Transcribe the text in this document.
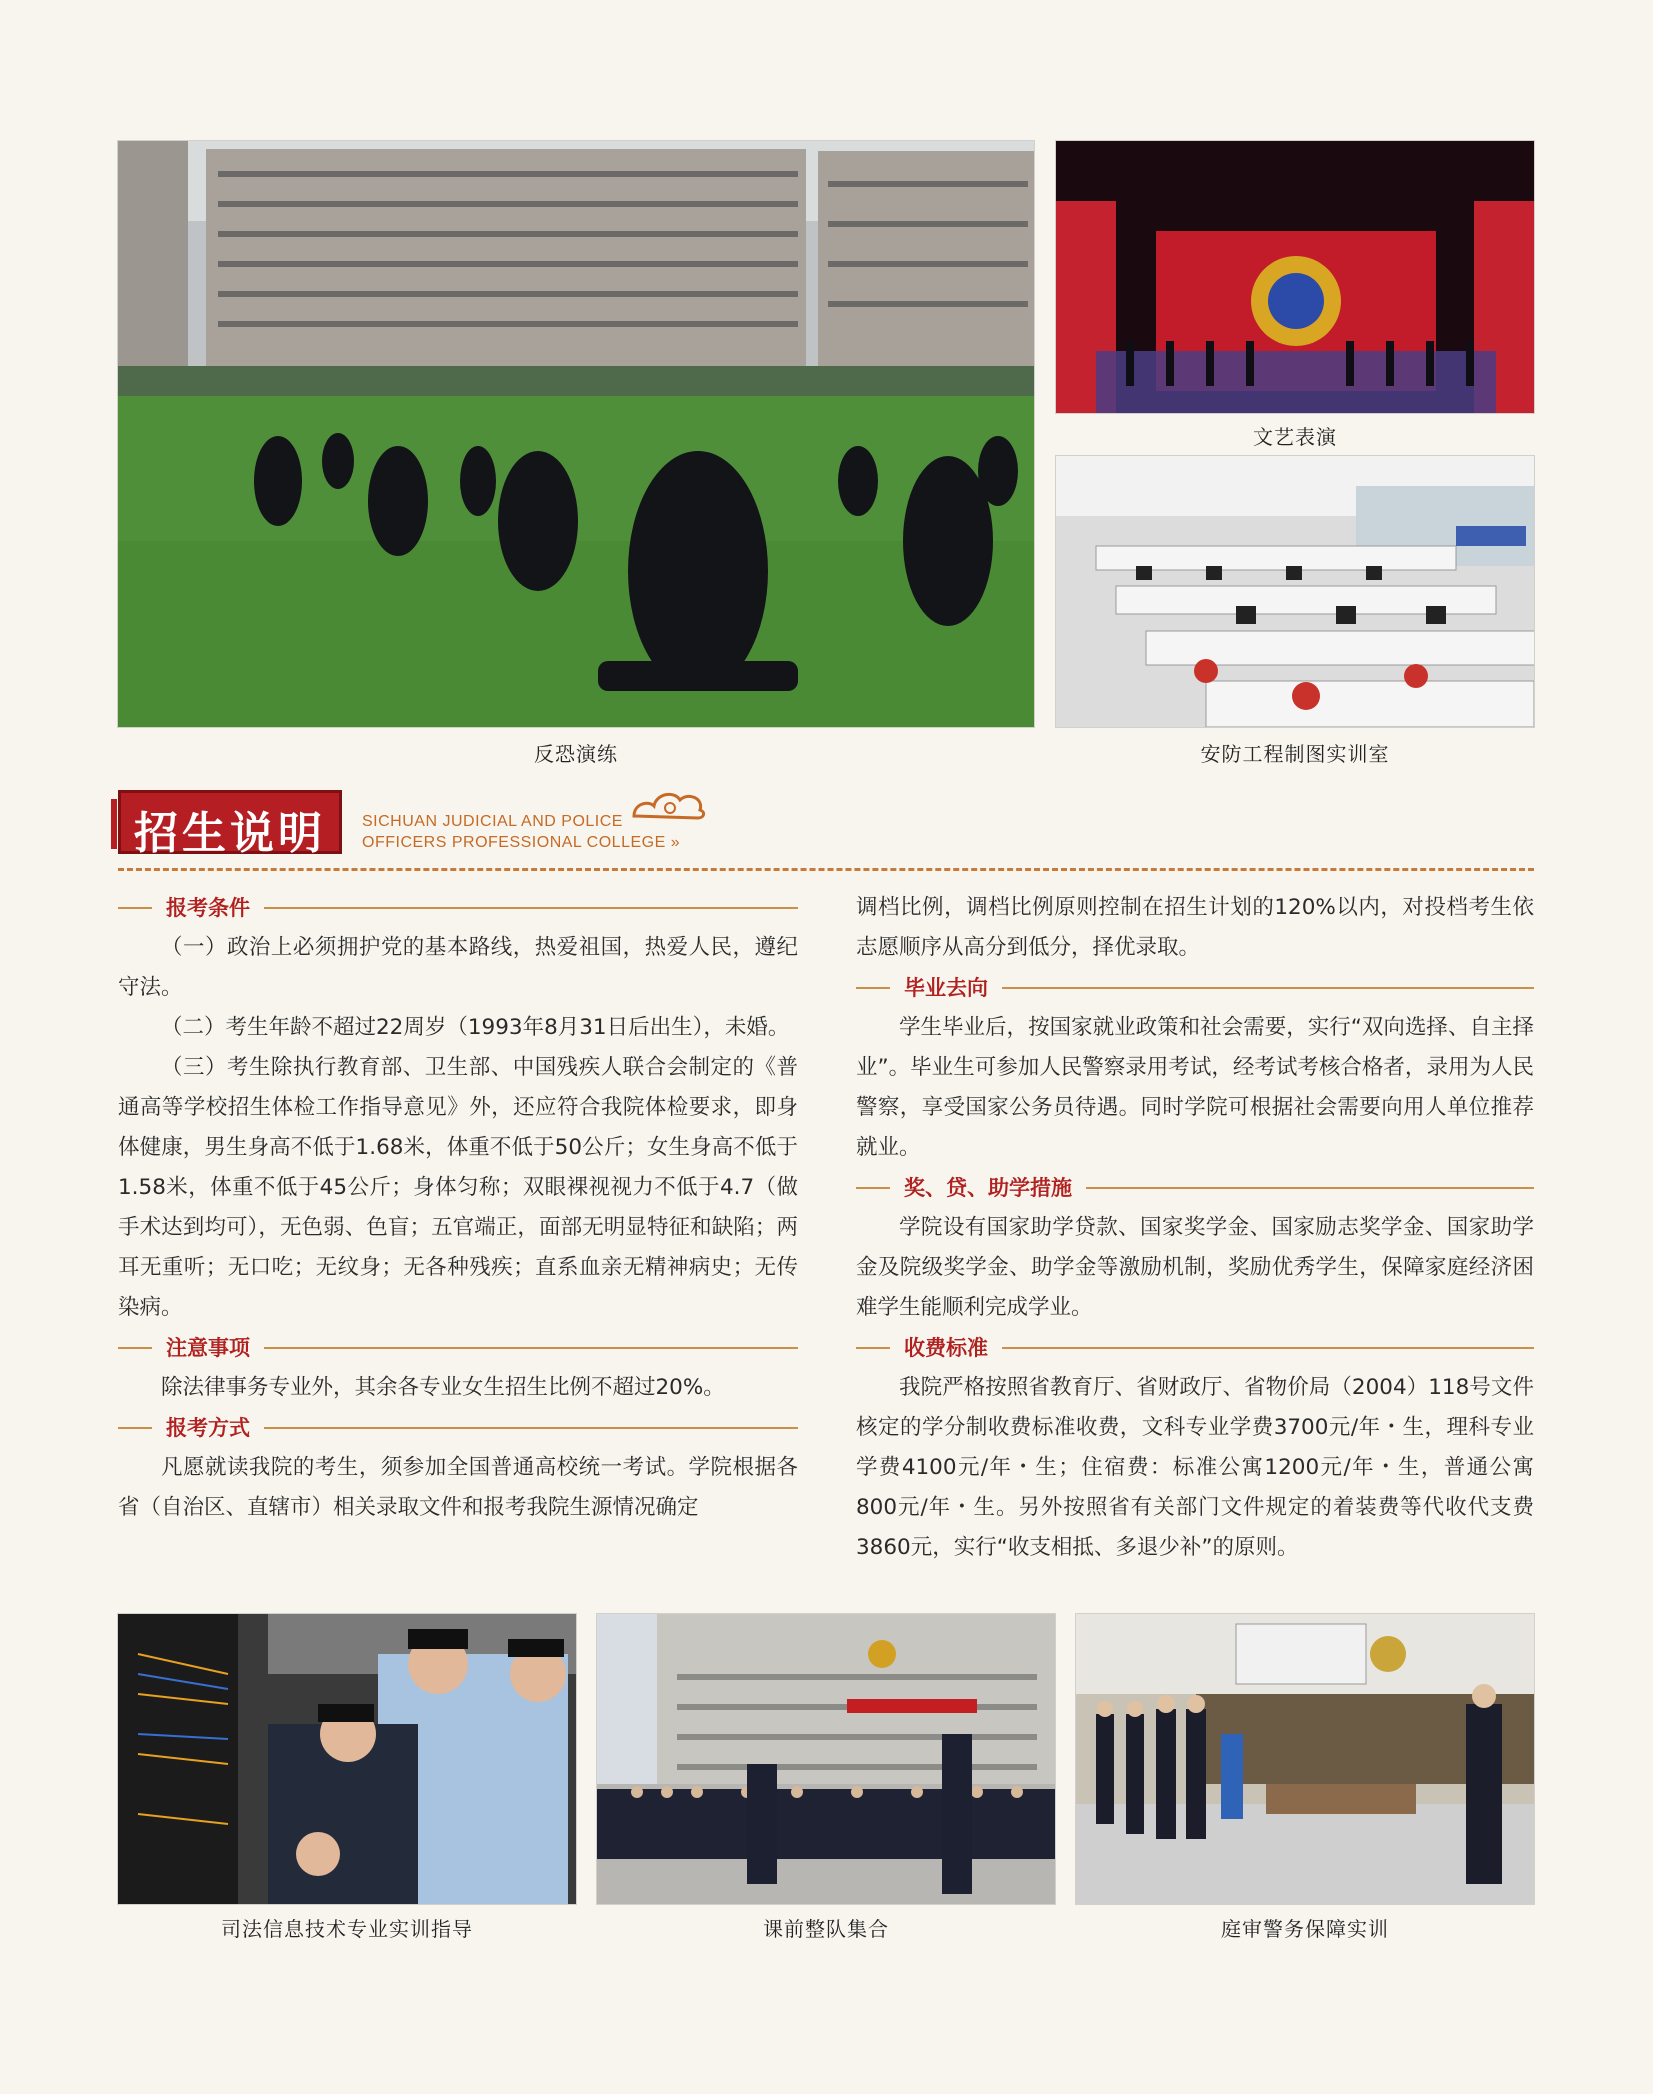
反恐演练
文艺表演
安防工程制图实训室
招生说明	SICHUAN JUDICIAL AND POLICE
OFFICERS PROFESSIONAL COLLEGE »
报考条件

（一）政治上必须拥护党的基本路线，热爱祖国，热爱人民，遵纪守法。

（二）考生年龄不超过22周岁（1993年8月31日后出生），未婚。

（三）考生除执行教育部、卫生部、中国残疾人联合会制定的《普通高等学校招生体检工作指导意见》外，还应符合我院体检要求，即身体健康，男生身高不低于1.68米，体重不低于50公斤；女生身高不低于1.58米，体重不低于45公斤；身体匀称；双眼裸视视力不低于4.7（做手术达到均可），无色弱、色盲；五官端正，面部无明显特征和缺陷；两耳无重听；无口吃；无纹身；无各种残疾；直系血亲无精神病史；无传染病。

注意事项

除法律事务专业外，其余各专业女生招生比例不超过20%。

报考方式

凡愿就读我院的考生，须参加全国普通高校统一考试。学院根据各省（自治区、直辖市）相关录取文件和报考我院生源情况确定

调档比例，调档比例原则控制在招生计划的120%以内，对投档考生依志愿顺序从高分到低分，择优录取。

毕业去向

学生毕业后，按国家就业政策和社会需要，实行“双向选择、自主择业”。毕业生可参加人民警察录用考试，经考试考核合格者，录用为人民警察，享受国家公务员待遇。同时学院可根据社会需要向用人单位推荐就业。

奖、贷、助学措施

学院设有国家助学贷款、国家奖学金、国家励志奖学金、国家助学金及院级奖学金、助学金等激励机制，奖励优秀学生，保障家庭经济困难学生能顺利完成学业。

收费标准

我院严格按照省教育厅、省财政厅、省物价局（2004）118号文件核定的学分制收费标准收费，文科专业学费3700元/年・生，理科专业学费4100元/年・生；住宿费：标准公寓1200元/年・生，普通公寓800元/年・生。另外按照省有关部门文件规定的着装费等代收代支费3860元，实行“收支相抵、多退少补”的原则。

司法信息技术专业实训指导	课前整队集合	庭审警务保障实训
